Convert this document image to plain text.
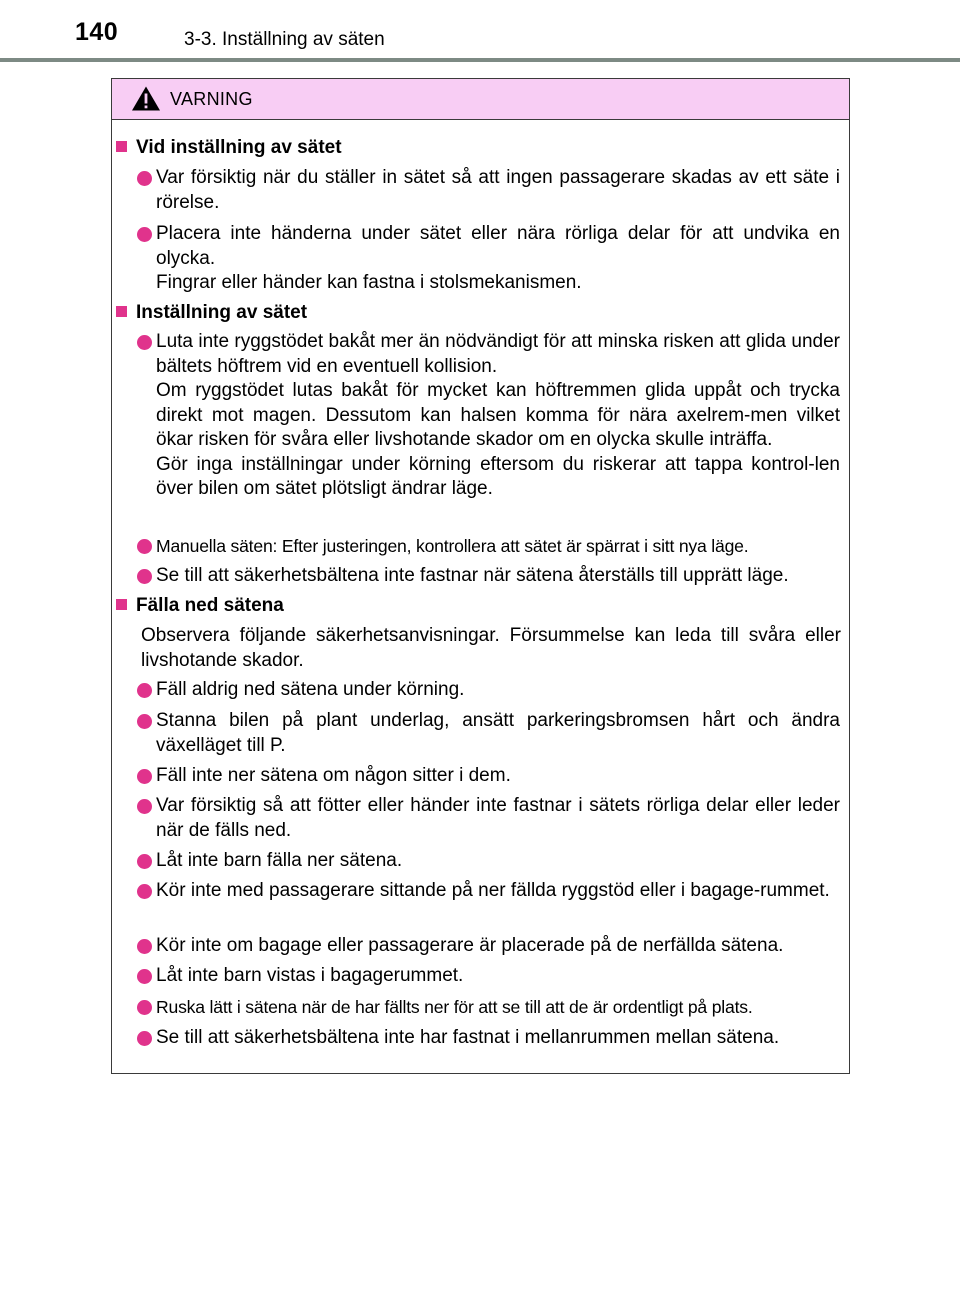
140	3-3. Inställning av säten
VARNING
Vid inställning av sätet
Var försiktig när du ställer in sätet så att ingen passagerare skadas av ett säte i rörelse.
Placera inte händerna under sätet eller nära rörliga delar för att undvika en olycka.
Fingrar eller händer kan fastna i stolsmekanismen.
Inställning av sätet
Luta inte ryggstödet bakåt mer än nödvändigt för att minska risken att glida under bältets höftrem vid en eventuell kollision.
Om ryggstödet lutas bakåt för mycket kan höftremmen glida uppåt och trycka direkt mot magen. Dessutom kan halsen komma för nära axelrem-men vilket ökar risken för svåra eller livshotande skador om en olycka skulle inträffa.
Gör inga inställningar under körning eftersom du riskerar att tappa kontrol-len över bilen om sätet plötsligt ändrar läge.
Manuella säten: Efter justeringen, kontrollera att sätet är spärrat i sitt nya läge.
Se till att säkerhetsbältena inte fastnar när sätena återställs till upprätt läge.
Fälla ned sätena
Observera följande säkerhetsanvisningar. Försummelse kan leda till svåra eller livshotande skador.
Fäll aldrig ned sätena under körning.
Stanna bilen på plant underlag, ansätt parkeringsbromsen hårt och ändra växelläget till P.
Fäll inte ner sätena om någon sitter i dem.
Var försiktig så att fötter eller händer inte fastnar i sätets rörliga delar eller leder när de fälls ned.
Låt inte barn fälla ner sätena.
Kör inte med passagerare sittande på ner fällda ryggstöd eller i bagage-rummet.
Kör inte om bagage eller passagerare är placerade på de nerfällda sätena.
Låt inte barn vistas i bagagerummet.
Ruska lätt i sätena när de har fällts ner för att se till att de är ordentligt på plats.
Se till att säkerhetsbältena inte har fastnat i mellanrummen mellan sätena.
